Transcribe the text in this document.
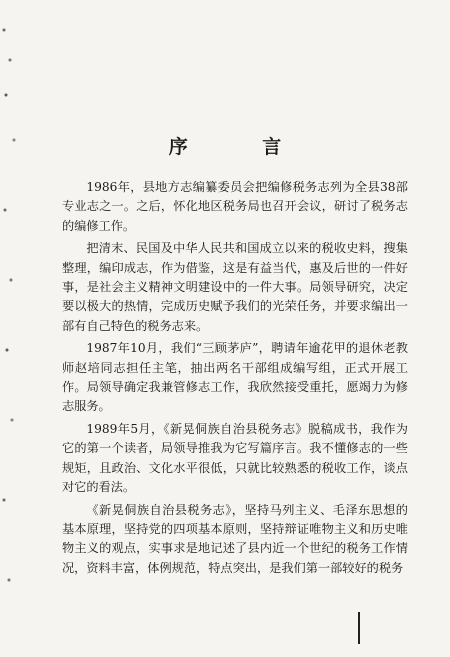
序 言

1986年，县地方志编纂委员会把编修税务志列为全县38部专业志之一。之后，怀化地区税务局也召开会议，研讨了税务志的编修工作。

把清末、民国及中华人民共和国成立以来的税收史料，搜集整理，编印成志，作为借鉴，这是有益当代，惠及后世的一件好事，是社会主义精神文明建设中的一件大事。局领导研究，决定要以极大的热情，完成历史赋予我们的光荣任务，并要求编出一部有自己特色的税务志来。

1987年10月，我们“三顾茅庐”，聘请年逾花甲的退休老教师赵培同志担任主笔，抽出两名干部组成编写组，正式开展工作。局领导确定我兼管修志工作，我欣然接受重托，愿竭力为修志服务。

1989年5月，《新晃侗族自治县税务志》脱稿成书，我作为它的第一个读者，局领导推我为它写篇序言。我不懂修志的一些规矩，且政治、文化水平很低，只就比较熟悉的税收工作，谈点对它的看法。

《新晃侗族自治县税务志》，坚持马列主义、毛泽东思想的基本原理，坚持党的四项基本原则，坚持辩证唯物主义和历史唯物主义的观点，实事求是地记述了县内近一个世纪的税务工作情况，资料丰富，体例规范，特点突出，是我们第一部较好的税务
